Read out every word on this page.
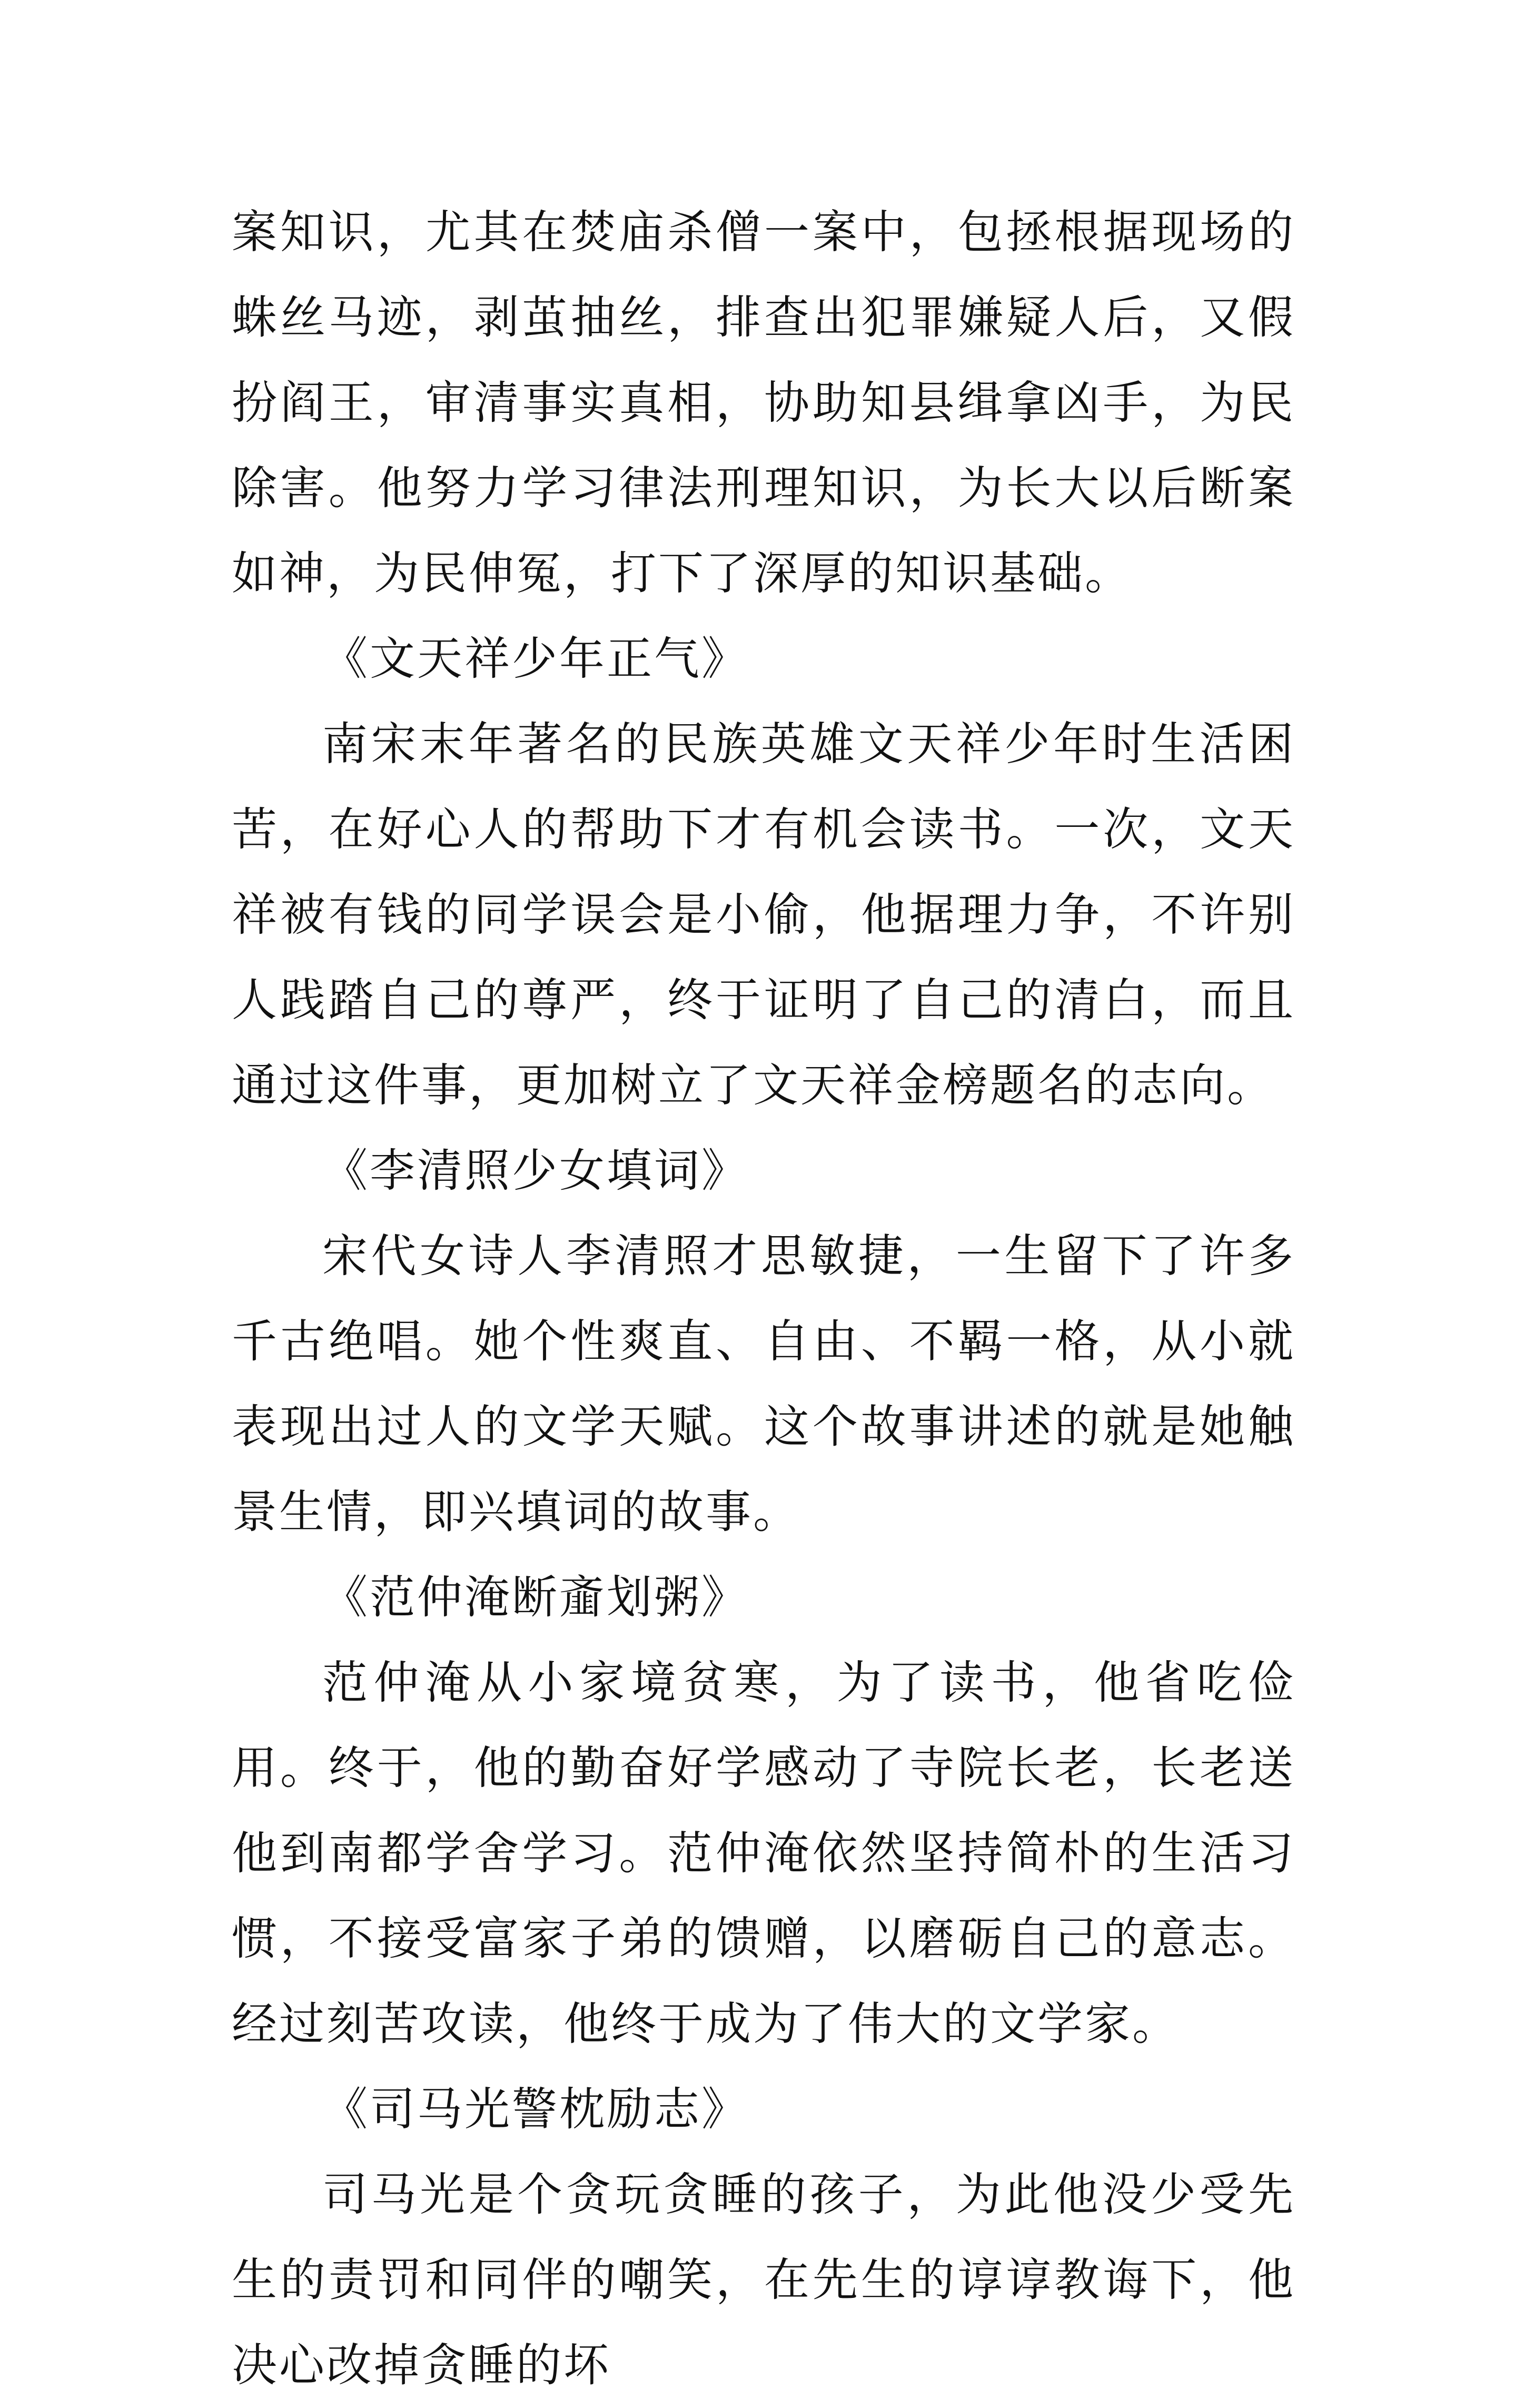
案知识，尤其在焚庙杀僧一案中，包拯根据现场的蛛丝马迹，剥茧抽丝，排查出犯罪嫌疑人后，又假扮阎王，审清事实真相，协助知县缉拿凶手，为民除害。他努力学习律法刑理知识，为长大以后断案如神，为民伸冤，打下了深厚的知识基础。

《文天祥少年正气》

南宋末年著名的民族英雄文天祥少年时生活困苦，在好心人的帮助下才有机会读书。一次，文天祥被有钱的同学误会是小偷，他据理力争，不许别人践踏自己的尊严，终于证明了自己的清白，而且通过这件事，更加树立了文天祥金榜题名的志向。

《李清照少女填词》

宋代女诗人李清照才思敏捷，一生留下了许多千古绝唱。她个性爽直、自由、不羁一格，从小就表现出过人的文学天赋。这个故事讲述的就是她触景生情，即兴填词的故事。

《范仲淹断齑划粥》

范仲淹从小家境贫寒，为了读书，他省吃俭用。终于，他的勤奋好学感动了寺院长老，长老送他到南都学舍学习。范仲淹依然坚持简朴的生活习惯，不接受富家子弟的馈赠，以磨砺自己的意志。经过刻苦攻读，他终于成为了伟大的文学家。

《司马光警枕励志》

司马光是个贪玩贪睡的孩子，为此他没少受先生的责罚和同伴的嘲笑，在先生的谆谆教诲下，他决心改掉贪睡的坏
